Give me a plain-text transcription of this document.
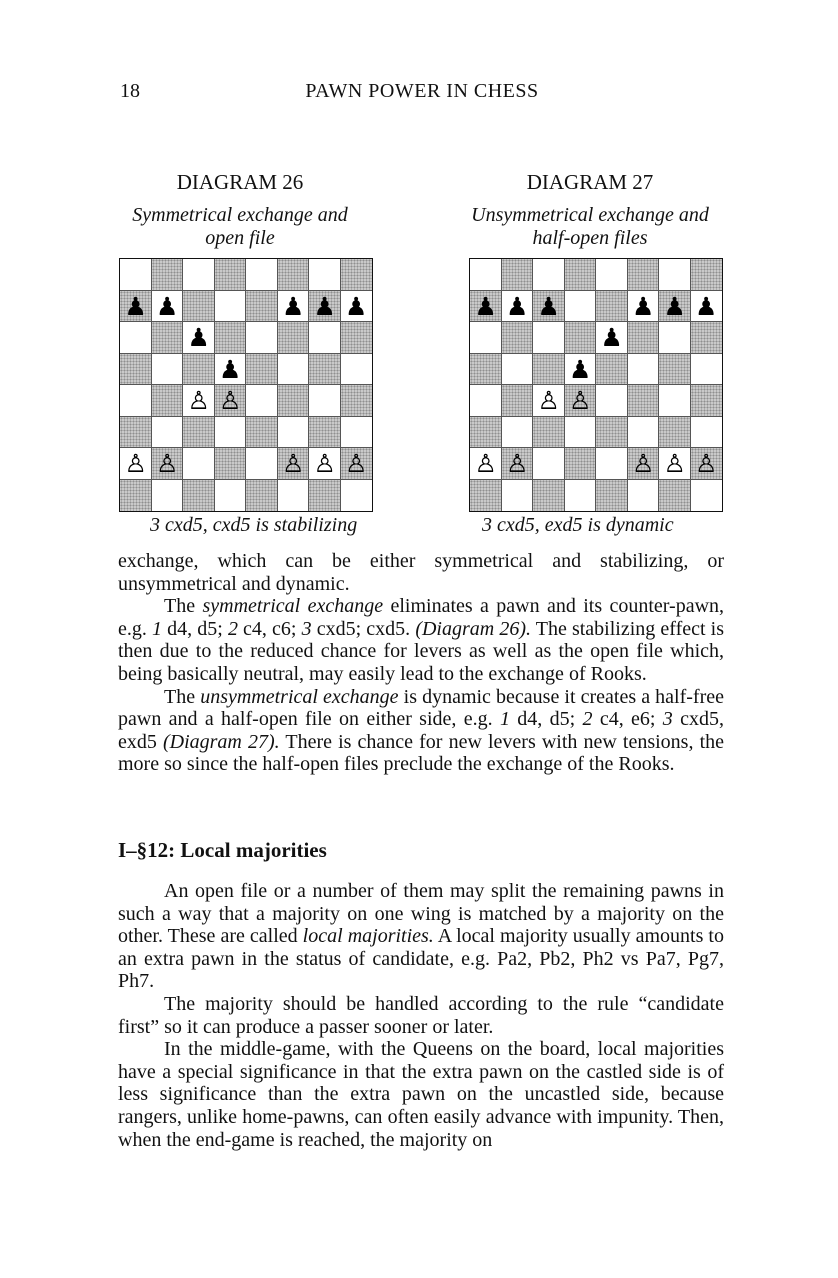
18	PAWN POWER IN CHESS
DIAGRAM 26
Symmetrical exchange and
open file
DIAGRAM 27
Unsymmetrical exchange and
half-open files
♟ ♟	♟ ♟ ♟
♟
♟
♙ ♙
♙ ♙	♙ ♙ ♙
♟ ♟ ♟	♟ ♟ ♟
♟
♟
♙ ♙
♙ ♙	♙ ♙ ♙
3 cxd5, cxd5 is stabilizing	3 cxd5, exd5 is dynamic

exchange, which can be either symmetrical and stabilizing, or unsymmetrical and dynamic.

The symmetrical exchange eliminates a pawn and its counter-pawn, e.g. 1 d4, d5; 2 c4, c6; 3 cxd5; cxd5. (Diagram 26). The stabilizing effect is then due to the reduced chance for levers as well as the open file which, being basically neutral, may easily lead to the exchange of Rooks.

The unsymmetrical exchange is dynamic because it creates a half-free pawn and a half-open file on either side, e.g. 1 d4, d5; 2 c4, e6; 3 cxd5, exd5 (Diagram 27). There is chance for new levers with new tensions, the more so since the half-open files preclude the exchange of the Rooks.

I–§12: Local majorities

An open file or a number of them may split the remaining pawns in such a way that a majority on one wing is matched by a majority on the other. These are called local majorities. A local majority usually amounts to an extra pawn in the status of candidate, e.g. Pa2, Pb2, Ph2 vs Pa7, Pg7, Ph7.

The majority should be handled according to the rule “candidate first” so it can produce a passer sooner or later.

In the middle-game, with the Queens on the board, local majorities have a special significance in that the extra pawn on the castled side is of less significance than the extra pawn on the uncastled side, because rangers, unlike home-pawns, can often easily advance with impunity. Then, when the end-game is reached, the majority on
